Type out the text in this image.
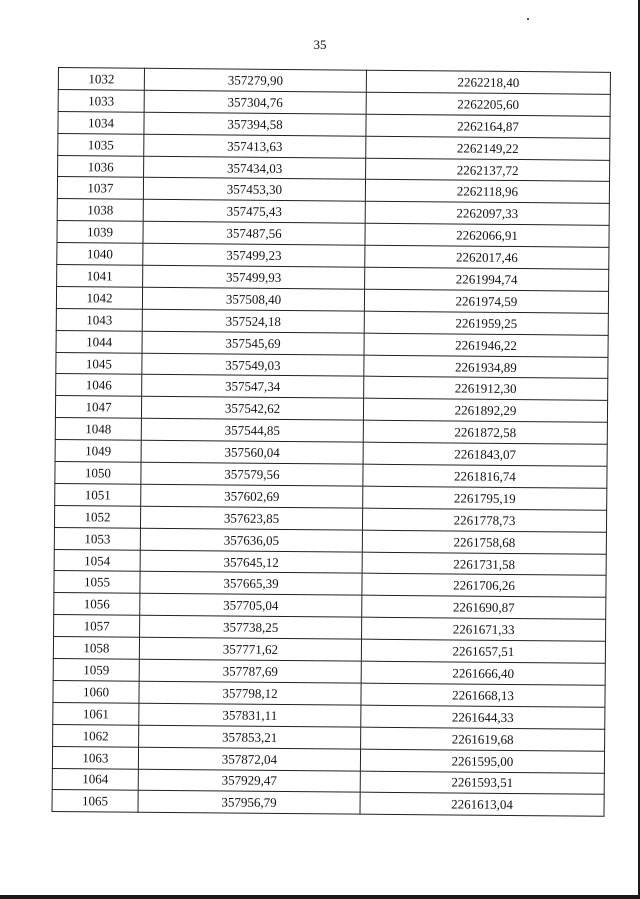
35
1032	357279,90	2262218,40
1033	357304,76	2262205,60
1034	357394,58	2262164,87
1035	357413,63	2262149,22
1036	357434,03	2262137,72
1037	357453,30	2262118,96
1038	357475,43	2262097,33
1039	357487,56	2262066,91
1040	357499,23	2262017,46
1041	357499,93	2261994,74
1042	357508,40	2261974,59
1043	357524,18	2261959,25
1044	357545,69	2261946,22
1045	357549,03	2261934,89
1046	357547,34	2261912,30
1047	357542,62	2261892,29
1048	357544,85	2261872,58
1049	357560,04	2261843,07
1050	357579,56	2261816,74
1051	357602,69	2261795,19
1052	357623,85	2261778,73
1053	357636,05	2261758,68
1054	357645,12	2261731,58
1055	357665,39	2261706,26
1056	357705,04	2261690,87
1057	357738,25	2261671,33
1058	357771,62	2261657,51
1059	357787,69	2261666,40
1060	357798,12	2261668,13
1061	357831,11	2261644,33
1062	357853,21	2261619,68
1063	357872,04	2261595,00
1064	357929,47	2261593,51
1065	357956,79	2261613,04
